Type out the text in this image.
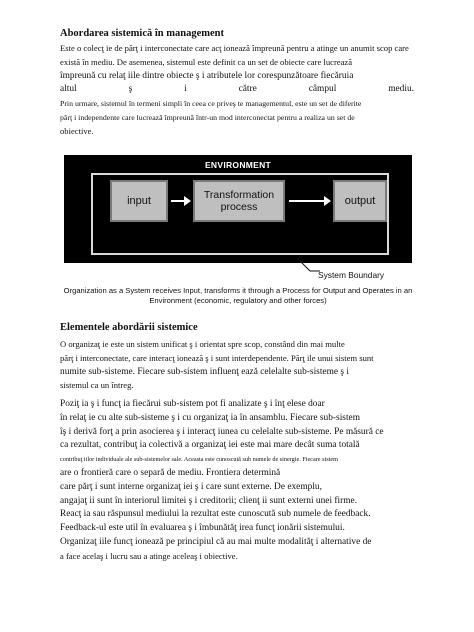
Abordarea sistemică în management
Este o colecţ ie de părţ i interconectate care acţ ionează împreună pentru a atinge un anumit scop care
există în mediu. De asemenea, sistemul este definit ca un set de obiecte care lucrează
împreună cu relaţ iile dintre obiecte ş i atributele lor corespunzătoare fiecăruia
altul	ş	i	către	câmpul	mediu.
Prin urmare, sistemul în termeni simpli în ceea ce priveş te managementul, este un set de diferite
părţ i independente care lucrează împreună într-un mod interconectat pentru a realiza un set de
obiective.
ENVIRONMENT
input	Transformation process	output
System Boundary

Organization as a System receives Input, transforms it through a Process for Output and Operates in an Environment (economic, regulatory and other forces)

Elementele abordării sistemice
O organizaţ ie este un sistem unificat ş i orientat spre scop, constând din mai multe
părţ i interconectate, care interacţ ionează ş i sunt interdependente. Părţ ile unui sistem sunt
numite sub-sisteme. Fiecare sub-sistem influenţ ează celelalte sub-sisteme ş i
sistemul ca un întreg.
Poziţ ia ş i funcţ ia fiecărui sub-sistem pot fi analizate ş i înţ elese doar
în relaţ ie cu alte sub-sisteme ş i cu organizaţ ia în ansamblu. Fiecare sub-sistem
îş i derivă forţ a prin asocierea ş i interacţ iunea cu celelalte sub-sisteme. Pe măsură ce
ca rezultat, contribuţ ia colectivă a organizaţ iei este mai mare decât suma totală
contribuţ iilor individuale ale sub-sistemelor sale. Aceasta este cunoscută sub numele de sinergie. Fiecare sistem
are o frontieră care o separă de mediu. Frontiera determină
care părţ i sunt interne organizaţ iei ş i care sunt externe. De exemplu,
angajaţ ii sunt în interiorul limitei ş i creditorii; clienţ ii sunt externi unei firme.
Reacţ ia sau răspunsul mediului la rezultat este cunoscută sub numele de feedback.
Feedback-ul este util în evaluarea ş i îmbunătăţ irea funcţ ionării sistemului.
Organizaţ iile funcţ ionează pe principiul că au mai multe modalităţ i alternative de
a face acelaş i lucru sau a atinge aceleaş i obiective.
